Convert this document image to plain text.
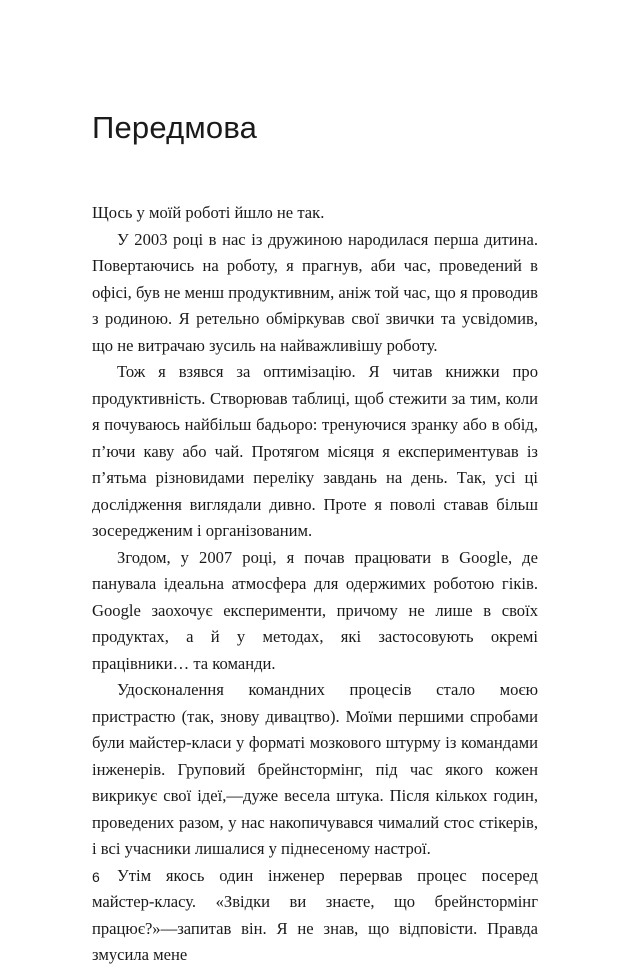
Передмова

Щось у моїй роботі йшло не так.

У 2003 році в нас із дружиною народилася перша дитина. Повертаючись на роботу, я прагнув, аби час, проведений в офісі, був не менш продуктивним, аніж той час, що я проводив з родиною. Я ретельно обміркував свої звички та усвідомив, що не витрачаю зусиль на найважливішу роботу.

Тож я взявся за оптимізацію. Я читав книжки про продуктивність. Створював таблиці, щоб стежити за тим, коли я почуваюсь найбільш бадьоро: тренуючися зранку або в обід, п’ючи каву або чай. Протягом місяця я експериментував із п’ятьма різновидами переліку завдань на день. Так, усі ці дослідження виглядали дивно. Проте я поволі ставав більш зосередженим і організованим.

Згодом, у 2007 році, я почав працювати в Google, де панувала ідеальна атмосфера для одержимих роботою гіків. Google заохочує експерименти, причому не лише в своїх продуктах, а й у методах, які застосовують окремі працівники… та команди.

Удосконалення командних процесів стало моєю пристрастю (так, знову дивацтво). Моїми першими спробами були майстер-класи у форматі мозкового штурму із командами інженерів. Груповий брейнстормінг, під час якого кожен викрикує свої ідеї,—дуже весела штука. Після кількох годин, проведених разом, у нас накопичувався чималий стос стікерів, і всі учасники лишалися у піднесеному настрої.

Утім якось один інженер перервав процес посеред майстер-класу. «Звідки ви знаєте, що брейнстормінг працює?»—запитав він. Я не знав, що відповісти. Правда змусила мене

6
